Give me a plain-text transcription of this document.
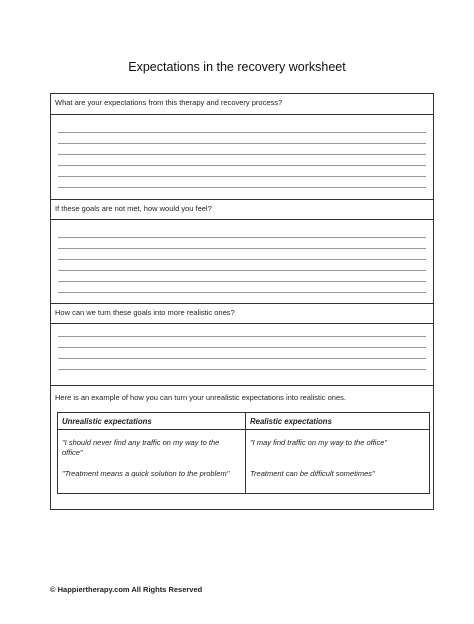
Expectations in the recovery worksheet
What are your expectations from this therapy and recovery process?
If these goals are not met, how would you feel?
How can we turn these goals into more realistic ones?
Here is an example of how you can turn your unrealistic expectations into realistic ones.
Unrealistic expectations
"I should never find any traffic on my way to the office"
"Treatment means a quick solution to the problem"
Realistic expectations
"I may find traffic on my way to the office"
Treatment can be difficult sometimes"
© Happiertherapy.com All Rights Reserved
